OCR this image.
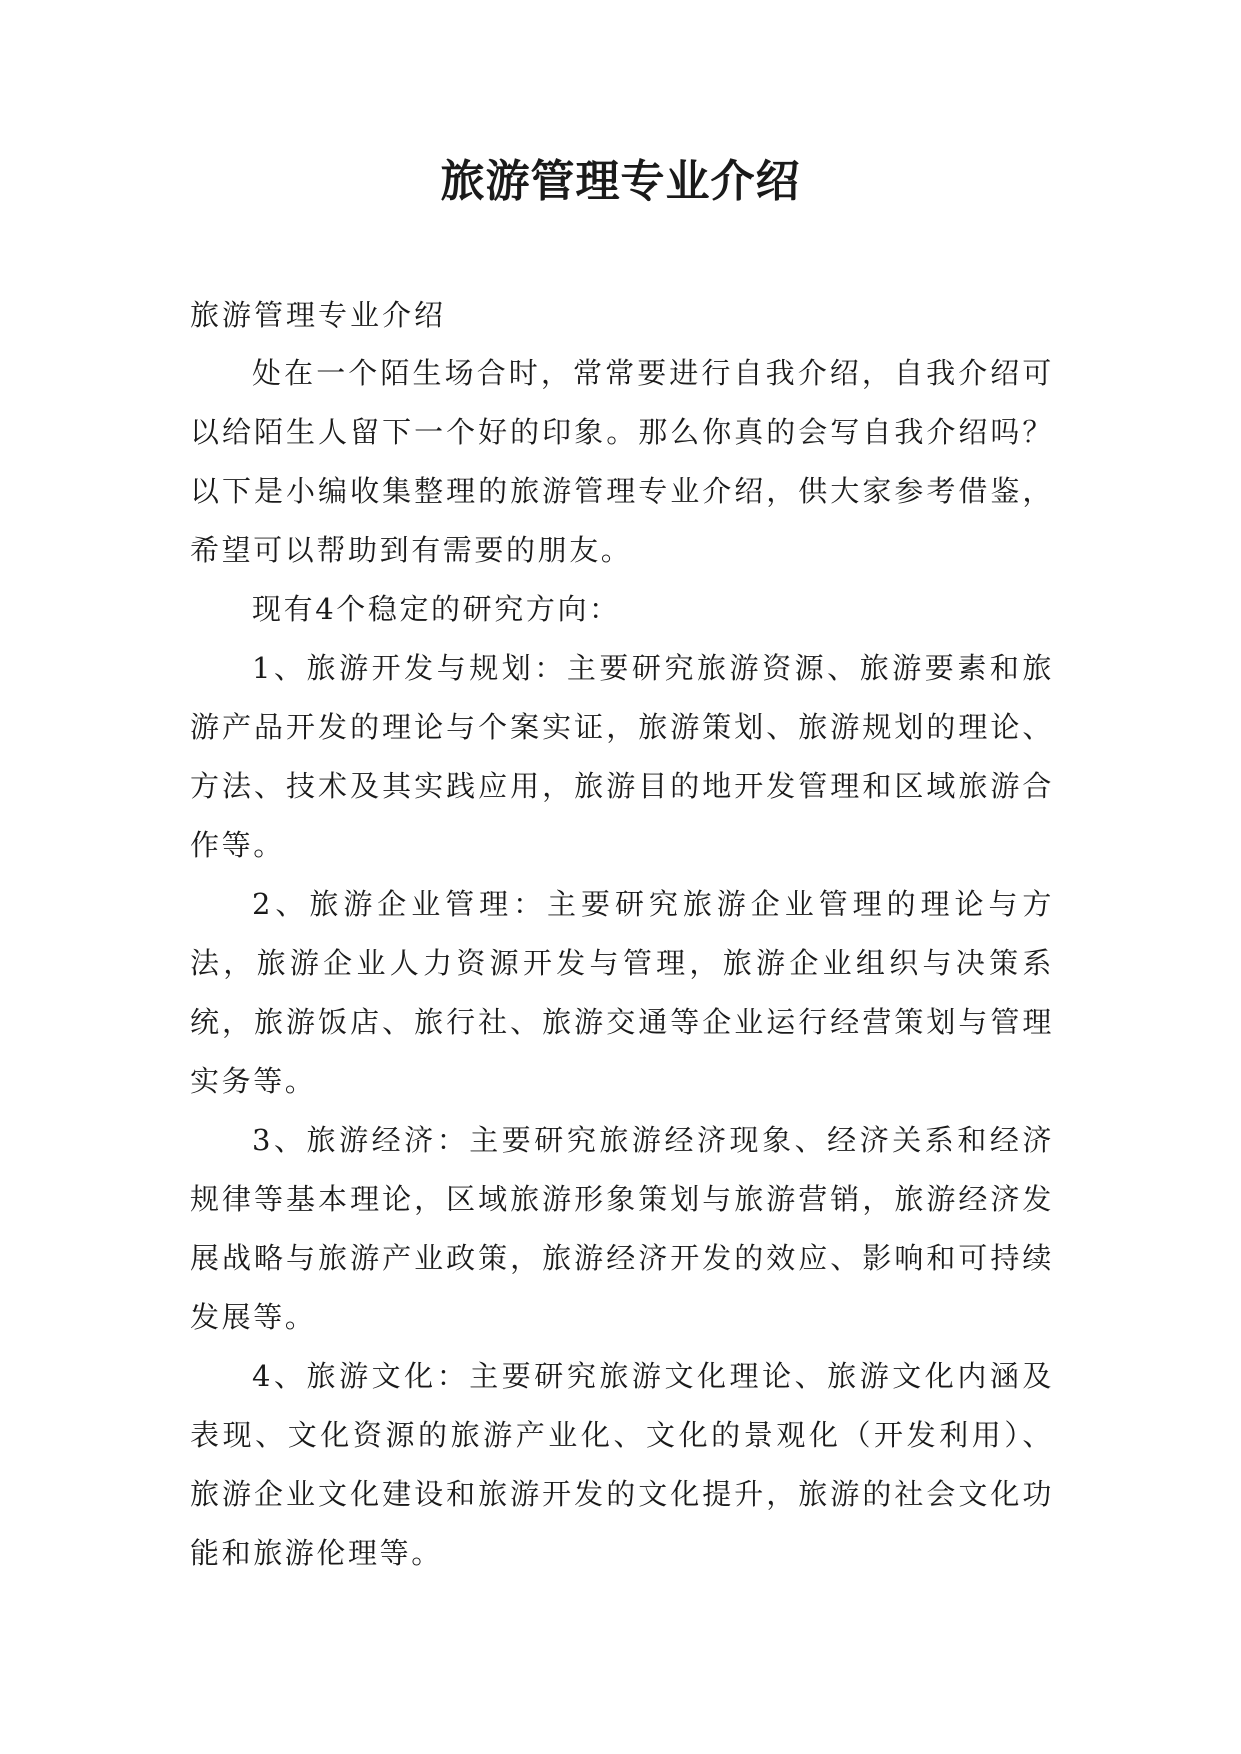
旅游管理专业介绍

旅游管理专业介绍

处在一个陌生场合时，常常要进行自我介绍，自我介绍可以给陌生人留下一个好的印象。那么你真的会写自我介绍吗？以下是小编收集整理的旅游管理专业介绍，供大家参考借鉴，希望可以帮助到有需要的朋友。

现有4个稳定的研究方向：

1、旅游开发与规划：主要研究旅游资源、旅游要素和旅游产品开发的理论与个案实证，旅游策划、旅游规划的理论、方法、技术及其实践应用，旅游目的地开发管理和区域旅游合作等。

2、旅游企业管理：主要研究旅游企业管理的理论与方法，旅游企业人力资源开发与管理，旅游企业组织与决策系统，旅游饭店、旅行社、旅游交通等企业运行经营策划与管理实务等。

3、旅游经济：主要研究旅游经济现象、经济关系和经济规律等基本理论，区域旅游形象策划与旅游营销，旅游经济发展战略与旅游产业政策，旅游经济开发的效应、影响和可持续发展等。

4、旅游文化：主要研究旅游文化理论、旅游文化内涵及表现、文化资源的旅游产业化、文化的景观化（开发利用）、旅游企业文化建设和旅游开发的文化提升，旅游的社会文化功能和旅游伦理等。
